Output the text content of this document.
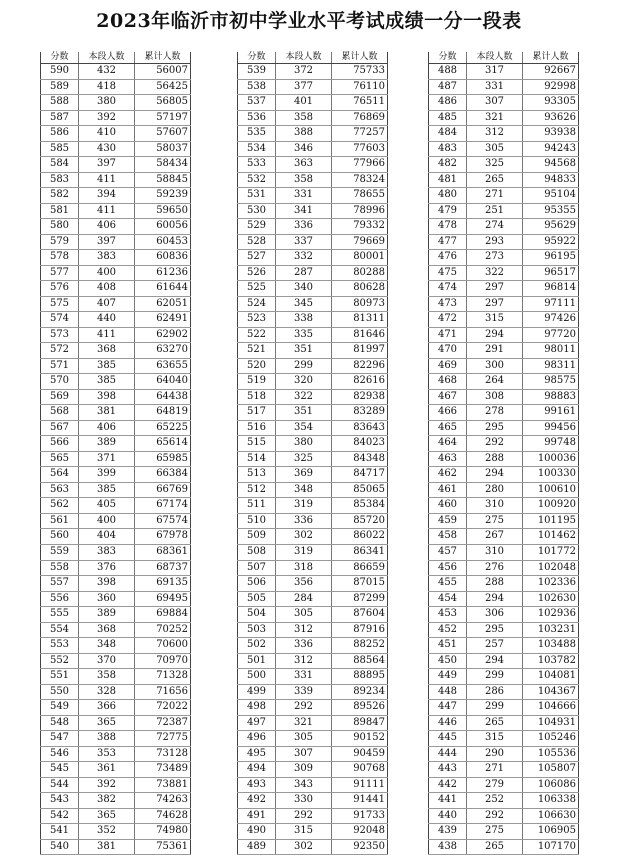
2023年临沂市初中学业水平考试成绩一分一段表
分数	本段人数	累计人数
590	432	56007
589	418	56425
588	380	56805
587	392	57197
586	410	57607
585	430	58037
584	397	58434
583	411	58845
582	394	59239
581	411	59650
580	406	60056
579	397	60453
578	383	60836
577	400	61236
576	408	61644
575	407	62051
574	440	62491
573	411	62902
572	368	63270
571	385	63655
570	385	64040
569	398	64438
568	381	64819
567	406	65225
566	389	65614
565	371	65985
564	399	66384
563	385	66769
562	405	67174
561	400	67574
560	404	67978
559	383	68361
558	376	68737
557	398	69135
556	360	69495
555	389	69884
554	368	70252
553	348	70600
552	370	70970
551	358	71328
550	328	71656
549	366	72022
548	365	72387
547	388	72775
546	353	73128
545	361	73489
544	392	73881
543	382	74263
542	365	74628
541	352	74980
540	381	75361
分数	本段人数	累计人数
539	372	75733
538	377	76110
537	401	76511
536	358	76869
535	388	77257
534	346	77603
533	363	77966
532	358	78324
531	331	78655
530	341	78996
529	336	79332
528	337	79669
527	332	80001
526	287	80288
525	340	80628
524	345	80973
523	338	81311
522	335	81646
521	351	81997
520	299	82296
519	320	82616
518	322	82938
517	351	83289
516	354	83643
515	380	84023
514	325	84348
513	369	84717
512	348	85065
511	319	85384
510	336	85720
509	302	86022
508	319	86341
507	318	86659
506	356	87015
505	284	87299
504	305	87604
503	312	87916
502	336	88252
501	312	88564
500	331	88895
499	339	89234
498	292	89526
497	321	89847
496	305	90152
495	307	90459
494	309	90768
493	343	91111
492	330	91441
491	292	91733
490	315	92048
489	302	92350
分数	本段人数	累计人数
488	317	92667
487	331	92998
486	307	93305
485	321	93626
484	312	93938
483	305	94243
482	325	94568
481	265	94833
480	271	95104
479	251	95355
478	274	95629
477	293	95922
476	273	96195
475	322	96517
474	297	96814
473	297	97111
472	315	97426
471	294	97720
470	291	98011
469	300	98311
468	264	98575
467	308	98883
466	278	99161
465	295	99456
464	292	99748
463	288	100036
462	294	100330
461	280	100610
460	310	100920
459	275	101195
458	267	101462
457	310	101772
456	276	102048
455	288	102336
454	294	102630
453	306	102936
452	295	103231
451	257	103488
450	294	103782
449	299	104081
448	286	104367
447	299	104666
446	265	104931
445	315	105246
444	290	105536
443	271	105807
442	279	106086
441	252	106338
440	292	106630
439	275	106905
438	265	107170
